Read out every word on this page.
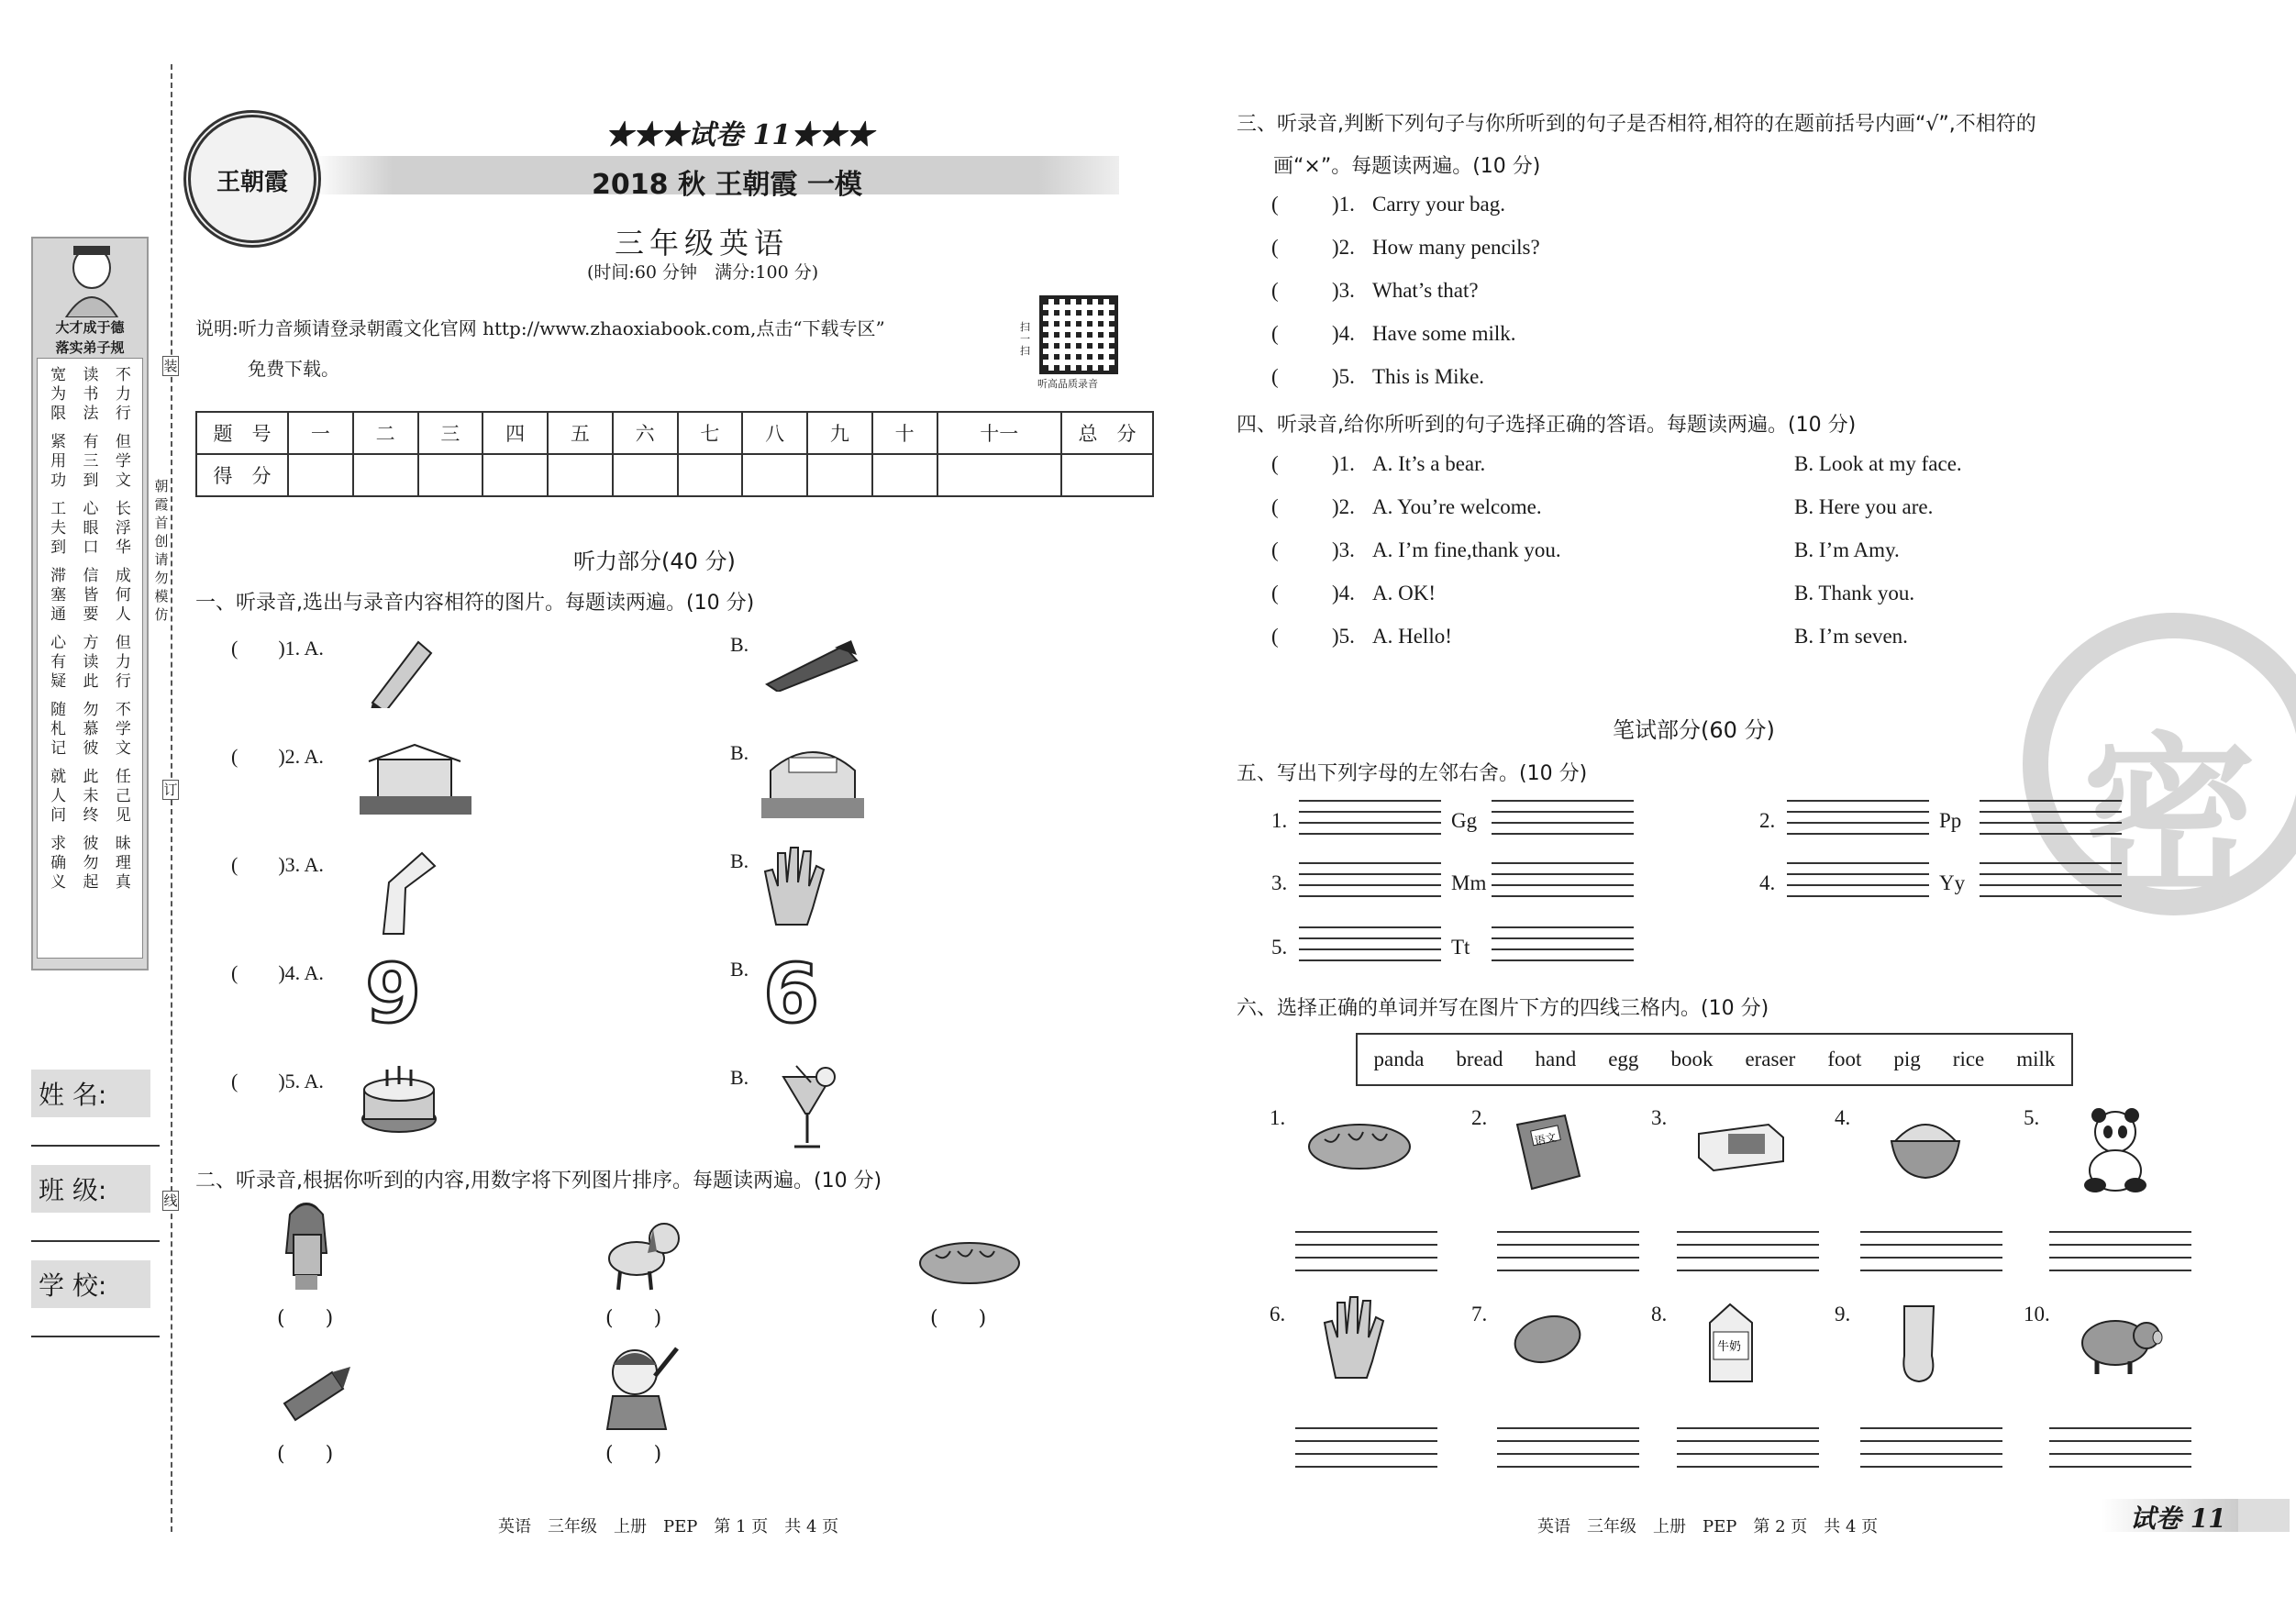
大才成于德
落实弟子规
宽	读	不
为	书	力
限	法	行
紧	有	但
用	三	学
功	到	文
工	心	长
夫	眼	浮
到	口	华
滞	信	成
塞	皆	何
通	要	人
心	方	但
有	读	力
疑	此	行
随	勿	不
札	慕	学
记	彼	文
就	此	任
人	未	己
问	终	见
求	彼	昧
确	勿	理
义	起	真
朝霞首创 请勿模仿
装
订
线
姓 名:
班 级:
学 校:
王朝霞
★★★试卷 11★★★
2018 秋 王朝霞 一模
三年级英语
(时间:60 分钟　满分:100 分)
说明:听力音频请登录朝霞文化官网 http://www.zhaoxiabook.com,点击“下载专区”
免费下载。
扫一扫
听高品质录音
题　号	一	二	三	四	五	六	七	八	九	十	十一	总　分
得　分												
听力部分(40 分)
一、听录音,选出与录音内容相符的图片。每题读两遍。(10 分)
(　　)1. A.	B.
(　　)2. A.	B.
(　　)3. A.	B.
(　　)4. A.	B.
(　　)5. A.	B.
9	6
二、听录音,根据你听到的内容,用数字将下列图片排序。每题读两遍。(10 分)
(　　)	(　　)	(　　)
(　　)	(　　)
英语　三年级　上册　PEP　第 1 页　共 4 页
密
三、听录音,判断下列句子与你所听到的句子是否相符,相符的在题前括号内画“√”,不相符的
画“×”。每题读两遍。(10 分)
(	)1. Carry your bag.
(	)2. How many pencils?
(	)3. What’s that?
(	)4. Have some milk.
(	)5. This is Mike.
四、听录音,给你所听到的句子选择正确的答语。每题读两遍。(10 分)
(	)1. A. It’s a bear.	B. Look at my face.
(	)2. A. You’re welcome.	B. Here you are.
(	)3. A. I’m fine,thank you.	B. I’m Amy.
(	)4. A. OK!	B. Thank you.
(	)5. A. Hello!	B. I’m seven.
笔试部分(60 分)
五、写出下列字母的左邻右舍。(10 分)
1.	Gg	2.	Pp
3.	Mm	4.	Yy
5.	Tt
六、选择正确的单词并写在图片下方的四线三格内。(10 分)
panda bread hand egg book eraser foot pig rice milk
1.	2.	3.	4.	5.
6.	7.	8.	9.	10.
语文
牛奶
英语　三年级　上册　PEP　第 2 页　共 4 页	试卷 11
